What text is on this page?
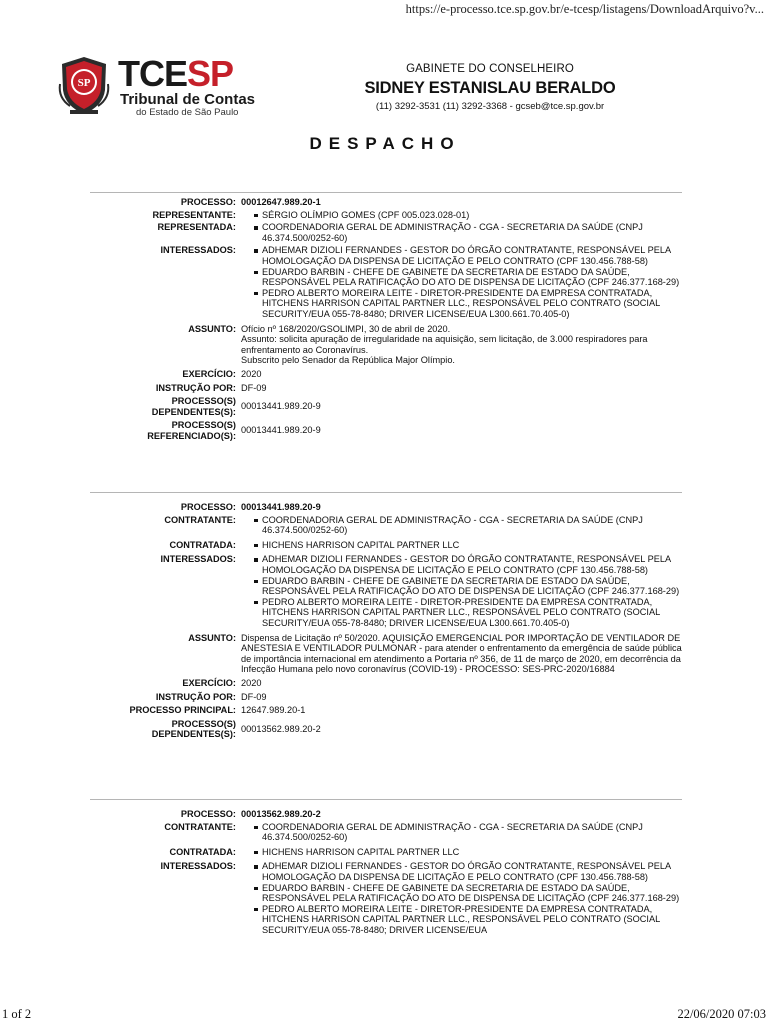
https://e-processo.tce.sp.gov.br/e-tcesp/listagens/DownloadArquivo?v...
SP TCESP
Tribunal de Contas
do Estado de São Paulo
GABINETE DO CONSELHEIRO
SIDNEY ESTANISLAU BERALDO
(11) 3292-3531 (11) 3292-3368 - gcseb@tce.sp.gov.br
DESPACHO
PROCESSO: 00012647.989.20-1
REPRESENTANTE:	SÉRGIO OLÍMPIO GOMES (CPF 005.023.028-01)
REPRESENTADA:	COORDENADORIA GERAL DE ADMINISTRAÇÃO - CGA - SECRETARIA DA SAÚDE (CNPJ 46.374.500/0252-60)
INTERESSADOS:	ADHEMAR DIZIOLI FERNANDES - GESTOR DO ÓRGÃO CONTRATANTE, RESPONSÁVEL PELA HOMOLOGAÇÃO DA DISPENSA DE LICITAÇÃO E PELO CONTRATO (CPF 130.456.788-58)
EDUARDO BARBIN - CHEFE DE GABINETE DA SECRETARIA DE ESTADO DA SAÚDE, RESPONSÁVEL PELA RATIFICAÇÃO DO ATO DE DISPENSA DE LICITAÇÃO (CPF 246.377.168-29)
PEDRO ALBERTO MOREIRA LEITE - DIRETOR-PRESIDENTE DA EMPRESA CONTRATADA, HITCHENS HARRISON CAPITAL PARTNER LLC., RESPONSÁVEL PELO CONTRATO (SOCIAL SECURITY/EUA 055-78-8480; DRIVER LICENSE/EUA L300.661.70.405-0)
ASSUNTO: Ofício nº 168/2020/GSOLIMPI, 30 de abril de 2020.
Assunto: solicita apuração de irregularidade na aquisição, sem licitação, de 3.000 respiradores para enfrentamento ao Coronavírus.
Subscrito pelo Senador da República Major Olímpio.
EXERCÍCIO: 2020
INSTRUÇÃO POR: DF-09
PROCESSO(S)
DEPENDENTES(S):
00013441.989.20-9
PROCESSO(S)
REFERENCIADO(S):
00013441.989.20-9
PROCESSO: 00013441.989.20-9
CONTRATANTE:	COORDENADORIA GERAL DE ADMINISTRAÇÃO - CGA - SECRETARIA DA SAÚDE (CNPJ 46.374.500/0252-60)
CONTRATADA:	HICHENS HARRISON CAPITAL PARTNER LLC
INTERESSADOS:	ADHEMAR DIZIOLI FERNANDES - GESTOR DO ÓRGÃO CONTRATANTE, RESPONSÁVEL PELA HOMOLOGAÇÃO DA DISPENSA DE LICITAÇÃO E PELO CONTRATO (CPF 130.456.788-58)
EDUARDO BARBIN - CHEFE DE GABINETE DA SECRETARIA DE ESTADO DA SAÚDE, RESPONSÁVEL PELA RATIFICAÇÃO DO ATO DE DISPENSA DE LICITAÇÃO (CPF 246.377.168-29)
PEDRO ALBERTO MOREIRA LEITE - DIRETOR-PRESIDENTE DA EMPRESA CONTRATADA, HITCHENS HARRISON CAPITAL PARTNER LLC., RESPONSÁVEL PELO CONTRATO (SOCIAL SECURITY/EUA 055-78-8480; DRIVER LICENSE/EUA L300.661.70.405-0)
ASSUNTO: Dispensa de Licitação nº 50/2020. AQUISIÇÃO EMERGENCIAL POR IMPORTAÇÃO DE VENTILADOR DE ANESTESIA E VENTILADOR PULMONAR - para atender o enfrentamento da emergência de saúde pública de importância internacional em atendimento a Portaria nº 356, de 11 de março de 2020, em decorrência da Infecção Humana pelo novo coronavírus (COVID-19) - PROCESSO: SES-PRC-2020/16884
EXERCÍCIO: 2020
INSTRUÇÃO POR: DF-09
PROCESSO PRINCIPAL: 12647.989.20-1
PROCESSO(S)
DEPENDENTES(S):
00013562.989.20-2
PROCESSO: 00013562.989.20-2
CONTRATANTE:	COORDENADORIA GERAL DE ADMINISTRAÇÃO - CGA - SECRETARIA DA SAÚDE (CNPJ 46.374.500/0252-60)
CONTRATADA:	HICHENS HARRISON CAPITAL PARTNER LLC
INTERESSADOS:	ADHEMAR DIZIOLI FERNANDES - GESTOR DO ÓRGÃO CONTRATANTE, RESPONSÁVEL PELA HOMOLOGAÇÃO DA DISPENSA DE LICITAÇÃO E PELO CONTRATO (CPF 130.456.788-58)
EDUARDO BARBIN - CHEFE DE GABINETE DA SECRETARIA DE ESTADO DA SAÚDE, RESPONSÁVEL PELA RATIFICAÇÃO DO ATO DE DISPENSA DE LICITAÇÃO (CPF 246.377.168-29)
PEDRO ALBERTO MOREIRA LEITE - DIRETOR-PRESIDENTE DA EMPRESA CONTRATADA, HITCHENS HARRISON CAPITAL PARTNER LLC., RESPONSÁVEL PELO CONTRATO (SOCIAL SECURITY/EUA 055-78-8480; DRIVER LICENSE/EUA
1 of 2	22/06/2020 07:03
